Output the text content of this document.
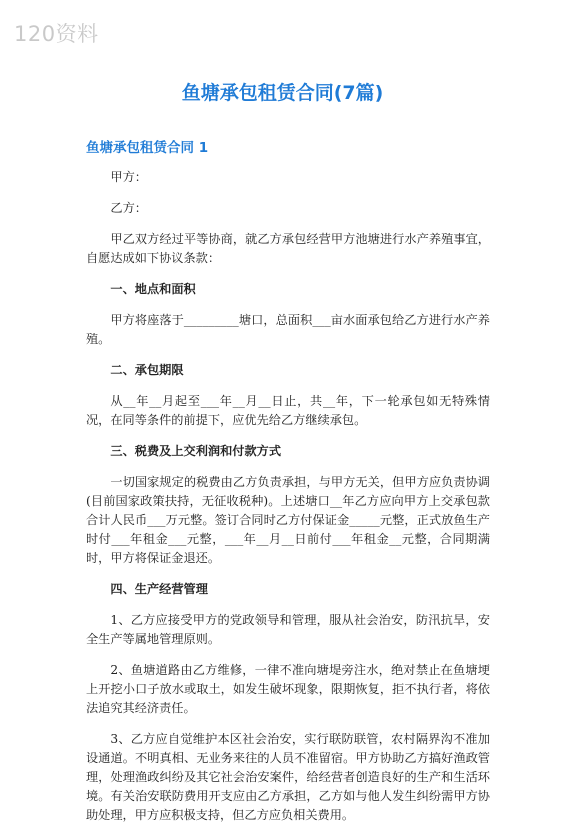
120资料
鱼塘承包租赁合同(7篇)
鱼塘承包租赁合同 1

甲方：

乙方：

甲乙双方经过平等协商，就乙方承包经营甲方池塘进行水产养殖事宜，自愿达成如下协议条款：

一、地点和面积

甲方将座落于_________塘口，总面积___亩水面承包给乙方进行水产养殖。

二、承包期限

从__年__月起至___年__月__日止，共__年，下一轮承包如无特殊情况，在同等条件的前提下，应优先给乙方继续承包。

三、税费及上交利润和付款方式

一切国家规定的税费由乙方负责承担，与甲方无关，但甲方应负责协调(目前国家政策扶持，无征收税种)。上述塘口__年乙方应向甲方上交承包款合计人民币___万元整。签订合同时乙方付保证金_____元整，正式放鱼生产时付___年租金___元整，___年__月__日前付___年租金__元整，合同期满时，甲方将保证金退还。

四、生产经营管理

1、乙方应接受甲方的党政领导和管理，服从社会治安，防汛抗旱，安全生产等属地管理原则。

2、鱼塘道路由乙方维修，一律不准向塘堤旁注水，绝对禁止在鱼塘埂上开挖小口子放水或取土，如发生破坏现象，限期恢复，拒不执行者，将依法追究其经济责任。

3、乙方应自觉维护本区社会治安，实行联防联管，农村隔界沟不准加设通道。不明真相、无业务来往的人员不准留宿。甲方协助乙方搞好渔政管理，处理渔政纠纷及其它社会治安案件，给经营者创造良好的生产和生活环境。有关治安联防费用开支应由乙方承担，乙方如与他人发生纠纷需甲方协助处理，甲方应积极支持，但乙方应负相关费用。
